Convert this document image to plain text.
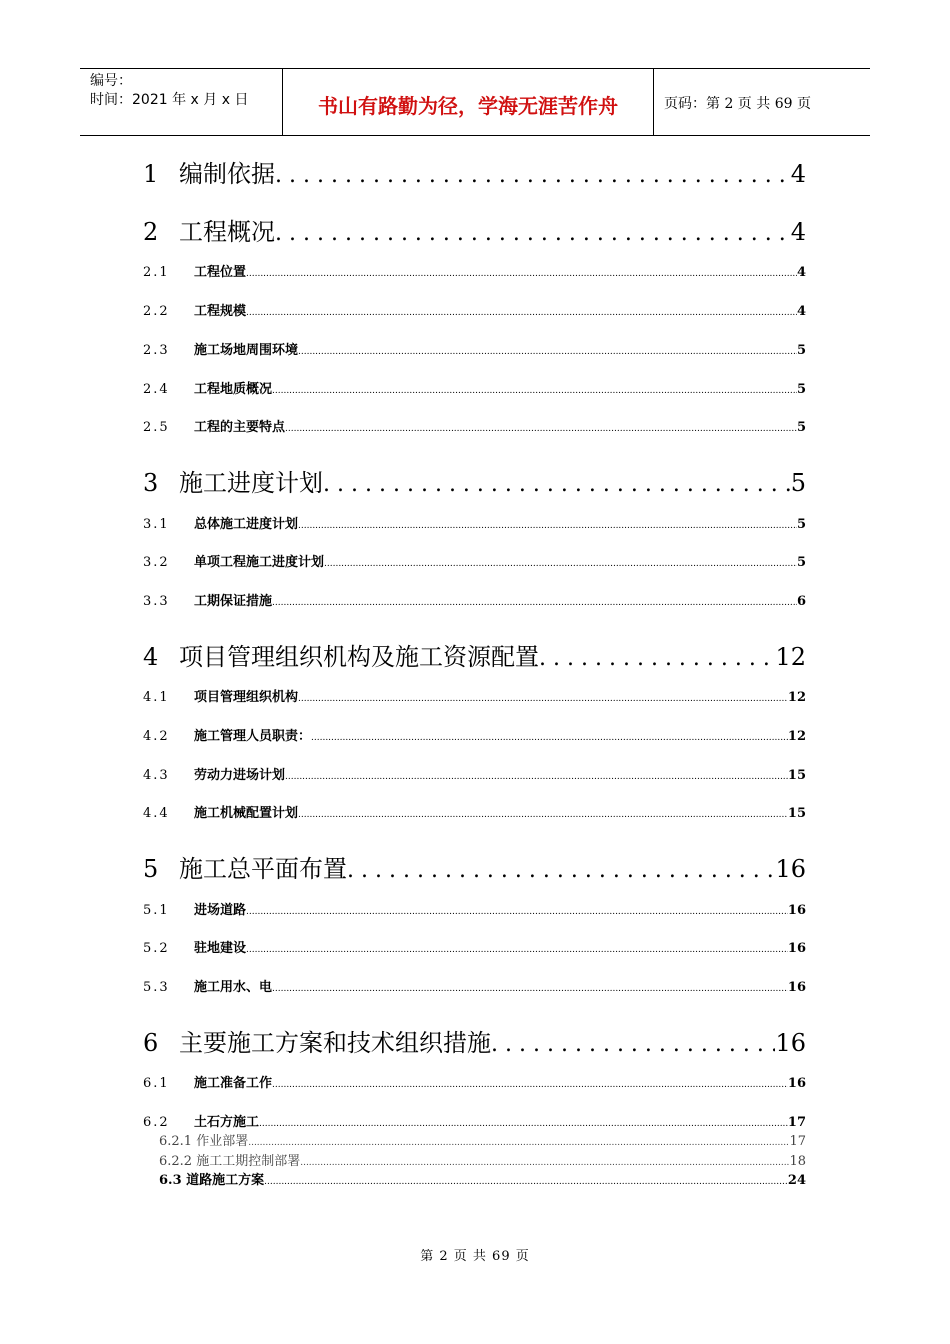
编号：
时间：2021 年 x 月 x 日	书山有路勤为径，学海无涯苦作舟	页码：第 2 页 共 69 页
1 编制依据 .....	4
2 工程概况 .....	4
2.1	工程位置 .....	4
2.2	工程规模 .....	4
2.3	施工场地周围环境 .....	5
2.4	工程地质概况 .....	5
2.5	工程的主要特点 .....	5
3 施工进度计划 .....	5
3.1	总体施工进度计划 .....	5
3.2	单项工程施工进度计划 .....	5
3.3	工期保证措施 .....	6
4 项目管理组织机构及施工资源配置 .....	12
4.1	项目管理组织机构 .....	12
4.2	施工管理人员职责： .....	12
4.3	劳动力进场计划 .....	15
4.4	施工机械配置计划 .....	15
5 施工总平面布置 .....	16
5.1	进场道路 .....	16
5.2	驻地建设 .....	16
5.3	施工用水、电 .....	16
6 主要施工方案和技术组织措施 .....	16
6.1	施工准备工作 .....	16
6.2	土石方施工 .....	17
6.2.1 作业部署 .....	17
6.2.2 施工工期控制部署 .....	18
6.3 道路施工方案 .....	24
第 2 页 共 69 页
